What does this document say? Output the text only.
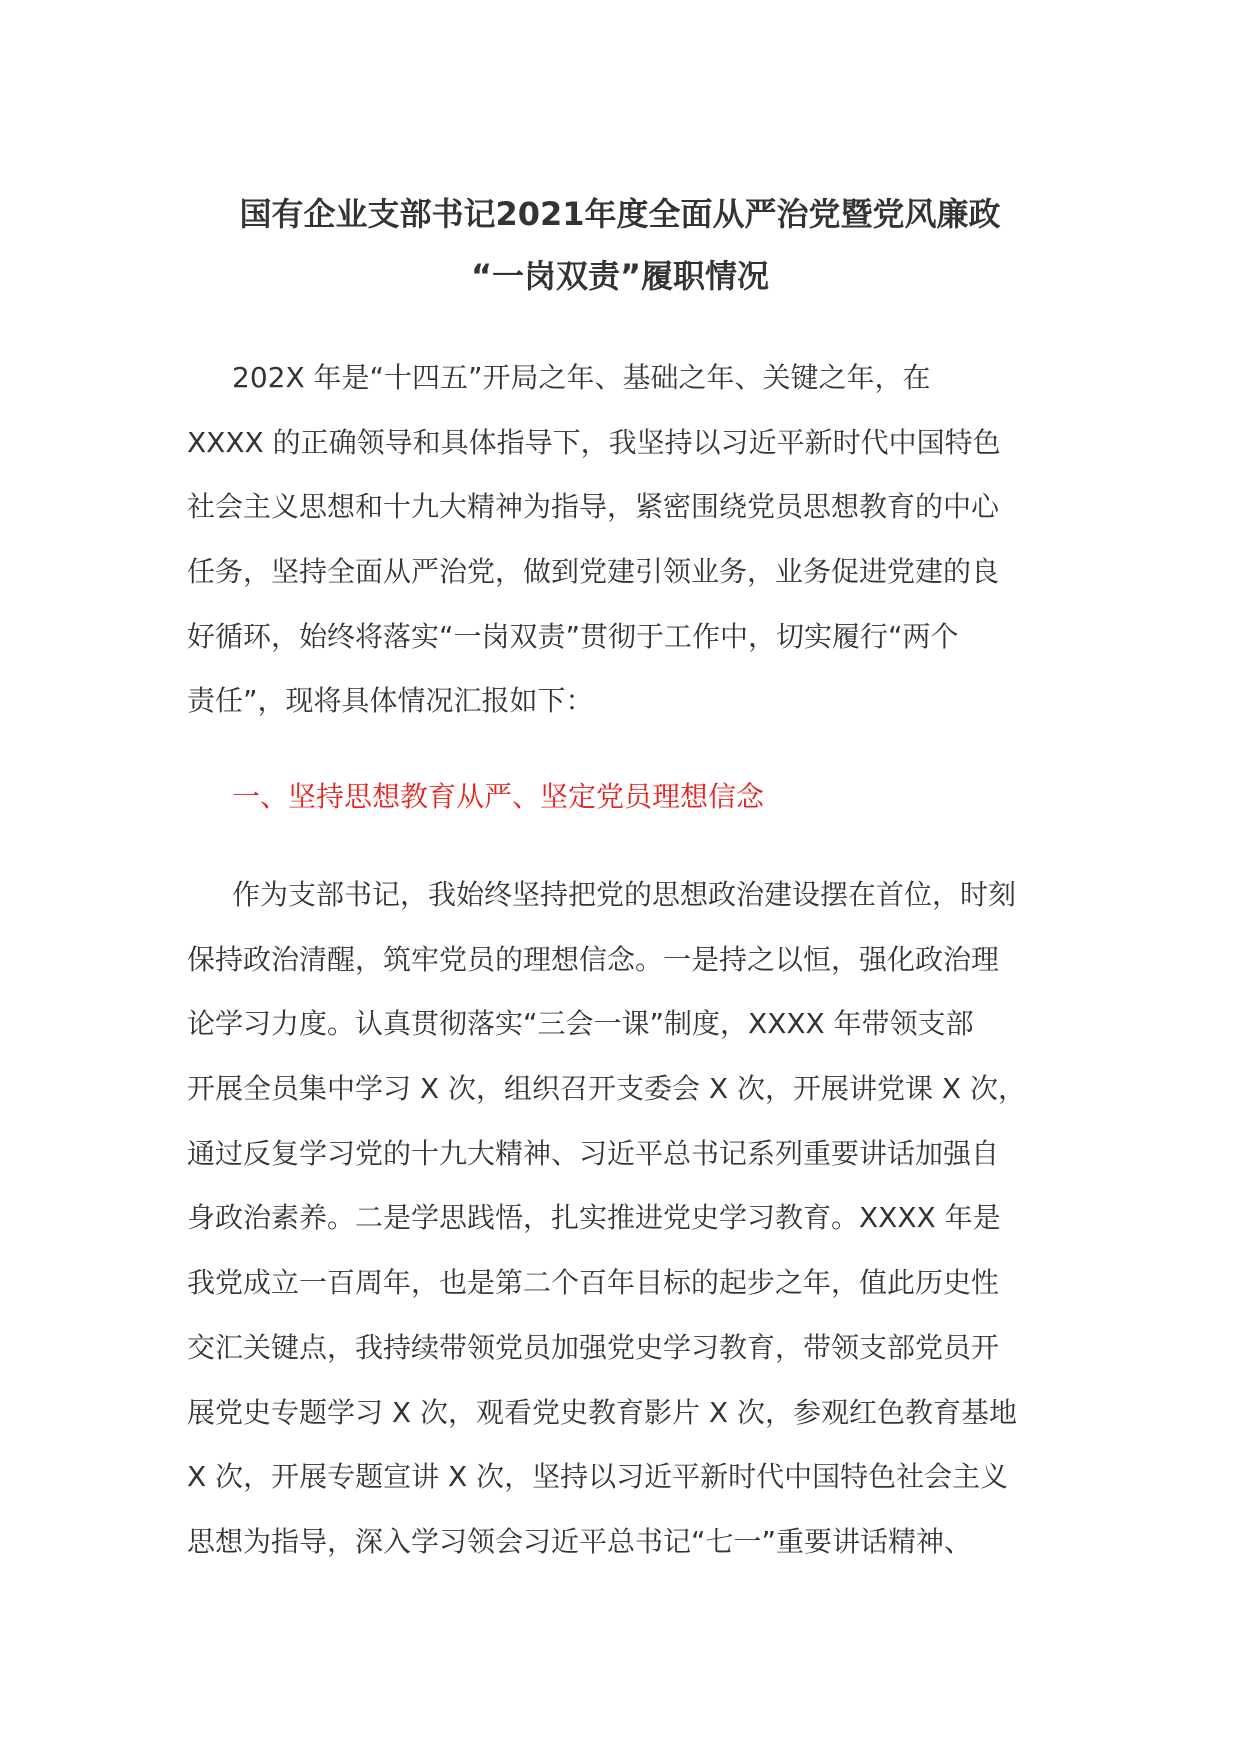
国有企业支部书记2021年度全面从严治党暨党风廉政
“一岗双责”履职情况
202X 年是“十四五”开局之年、基础之年、关键之年，在
XXXX 的正确领导和具体指导下，我坚持以习近平新时代中国特色
社会主义思想和十九大精神为指导，紧密围绕党员思想教育的中心
任务，坚持全面从严治党，做到党建引领业务，业务促进党建的良
好循环，始终将落实“一岗双责”贯彻于工作中，切实履行“两个
责任”，现将具体情况汇报如下：
一、坚持思想教育从严、坚定党员理想信念
作为支部书记，我始终坚持把党的思想政治建设摆在首位，时刻
保持政治清醒，筑牢党员的理想信念。一是持之以恒，强化政治理
论学习力度。认真贯彻落实“三会一课”制度，XXXX 年带领支部
开展全员集中学习 X 次，组织召开支委会 X 次，开展讲党课 X 次，
通过反复学习党的十九大精神、习近平总书记系列重要讲话加强自
身政治素养。二是学思践悟，扎实推进党史学习教育。XXXX 年是
我党成立一百周年，也是第二个百年目标的起步之年，值此历史性
交汇关键点，我持续带领党员加强党史学习教育，带领支部党员开
展党史专题学习 X 次，观看党史教育影片 X 次，参观红色教育基地
X 次，开展专题宣讲 X 次，坚持以习近平新时代中国特色社会主义
思想为指导，深入学习领会习近平总书记“七一”重要讲话精神、
